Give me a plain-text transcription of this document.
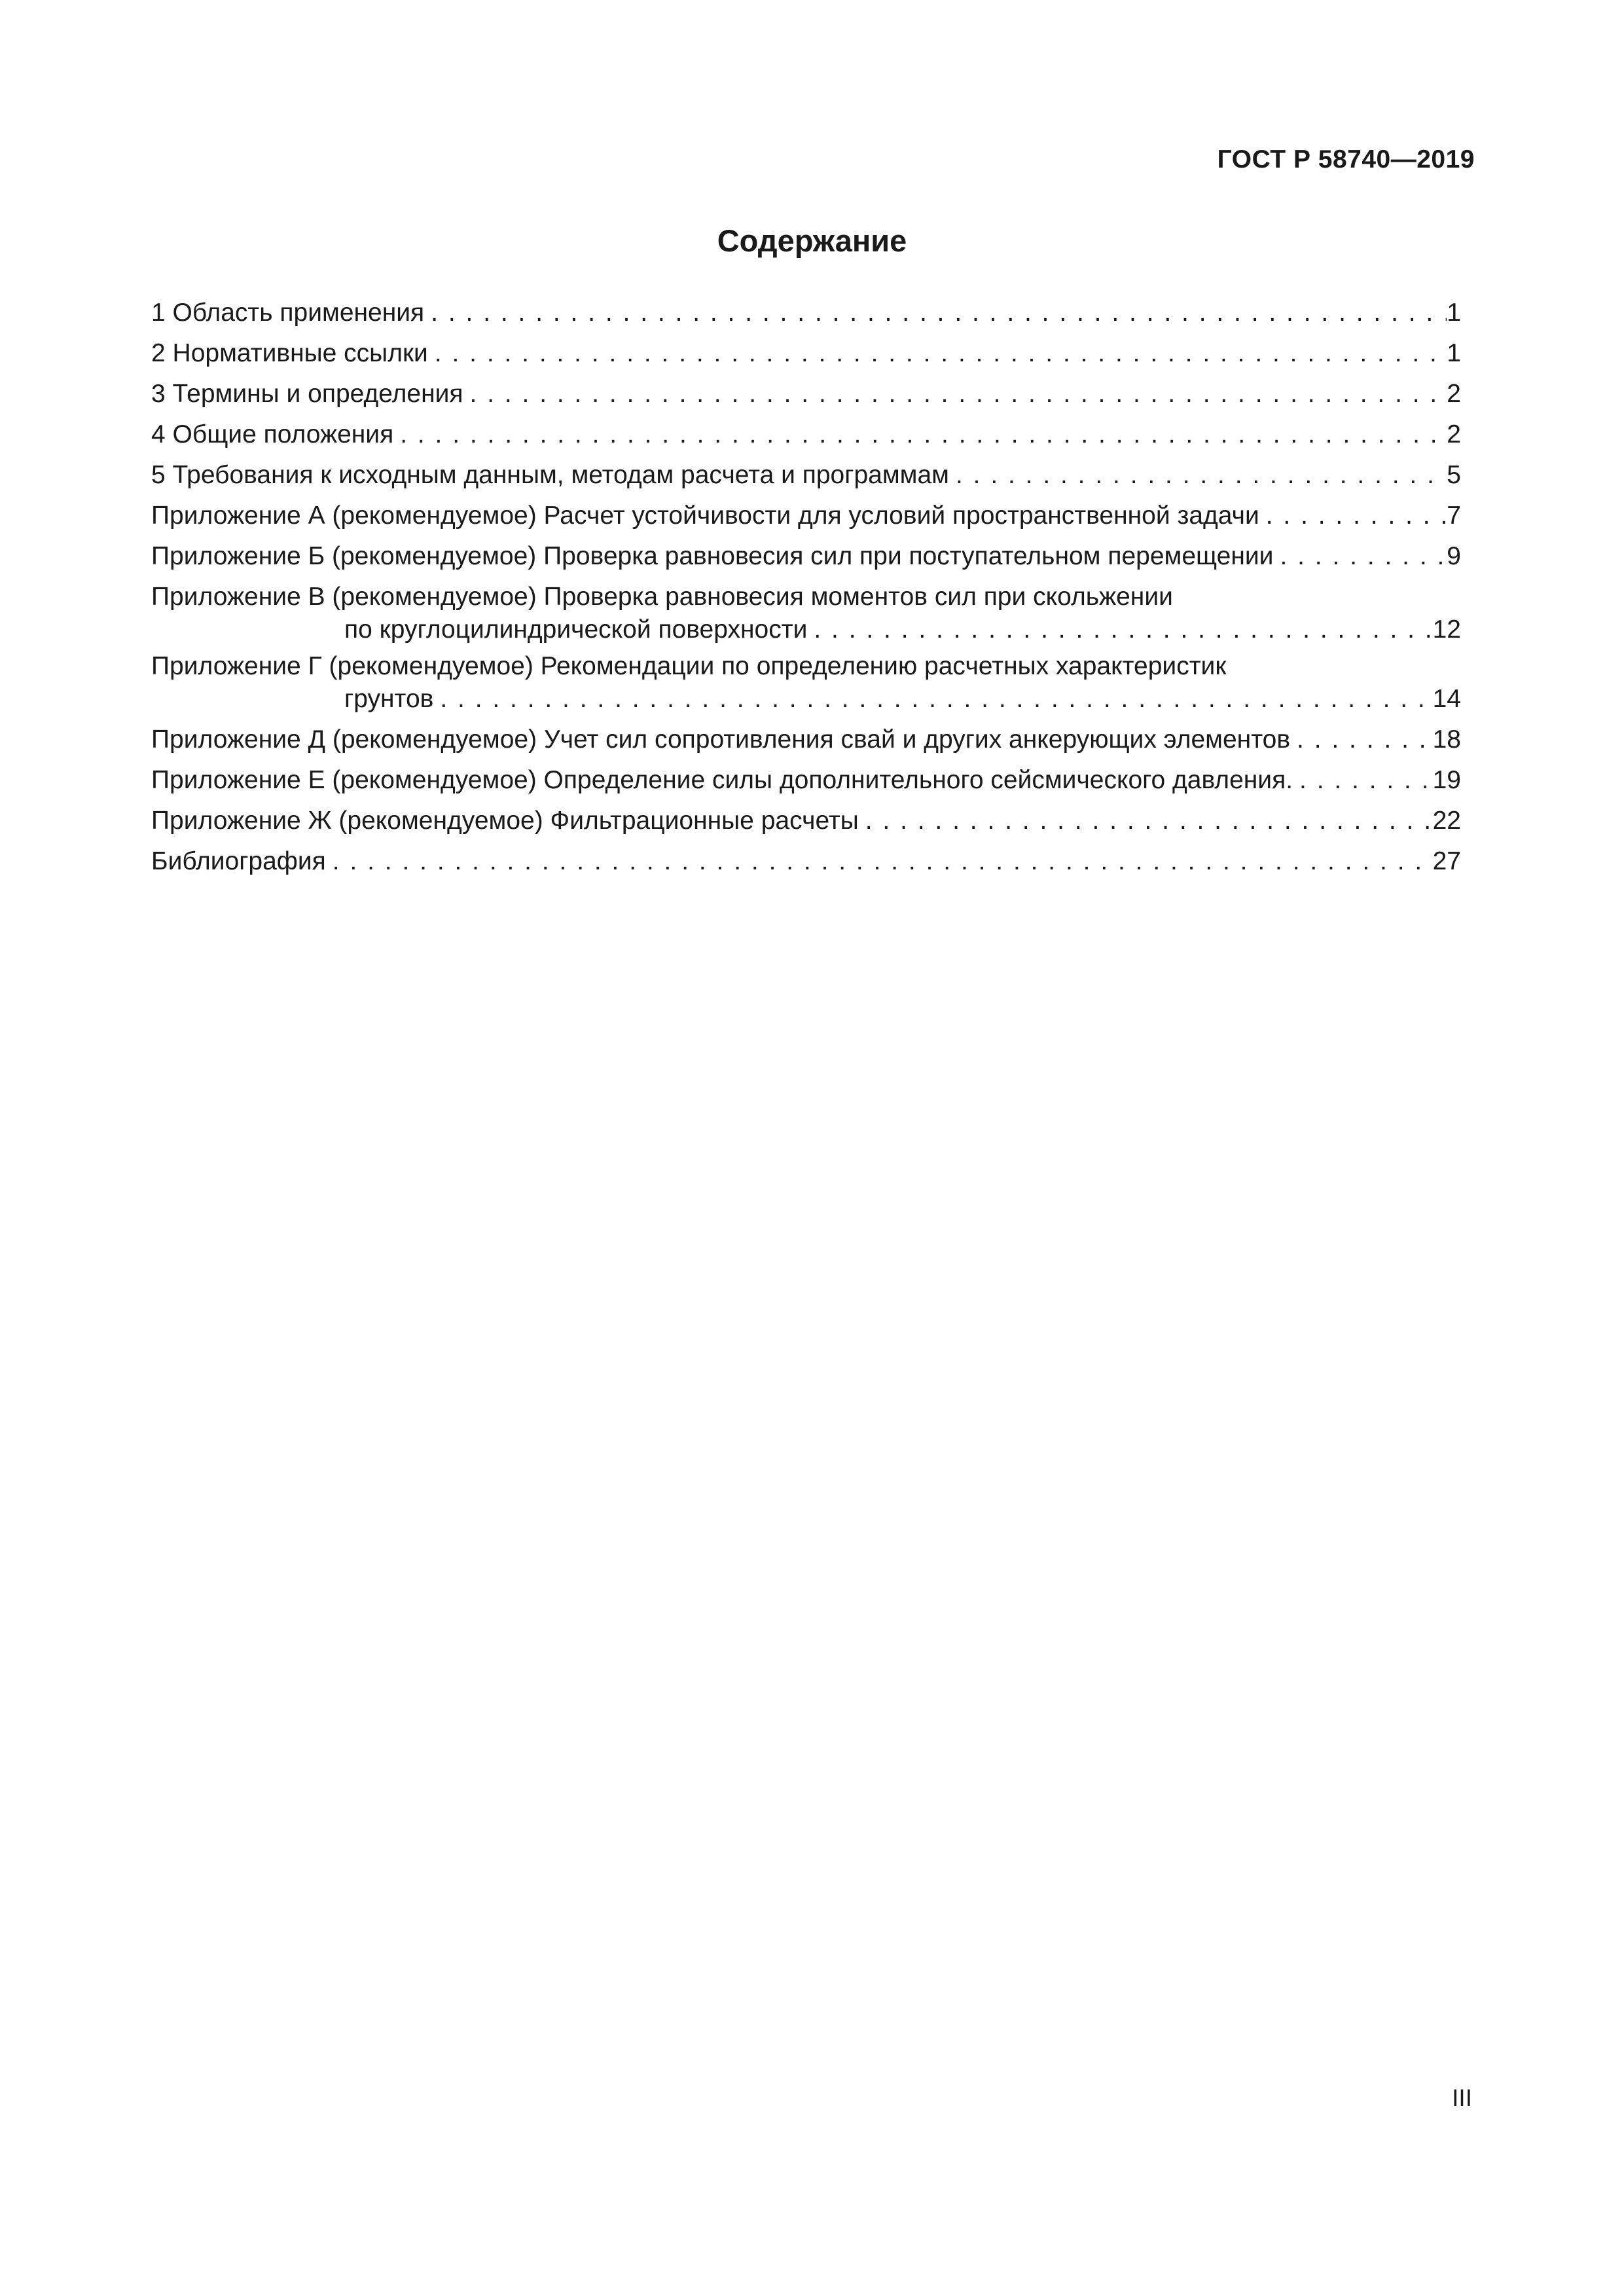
ГОСТ Р 58740—2019
Содержание
1 Область применения . . .	1
2 Нормативные ссылки . . .	1
3 Термины и определения . . .	2
4 Общие положения . . .	2
5 Требования к исходным данным, методам расчета и программам . . .	5
Приложение А (рекомендуемое) Расчет устойчивости для условий пространственной задачи . . .	7
Приложение Б (рекомендуемое) Проверка равновесия сил при поступательном перемещении . . .	9
Приложение В (рекомендуемое) Проверка равновесия моментов сил при скольжении
по круглоцилиндрической поверхности . . .	12
Приложение Г (рекомендуемое) Рекомендации по определению расчетных характеристик
грунтов . . .	14
Приложение Д (рекомендуемое) Учет сил сопротивления свай и других анкерующих элементов . . .	18
Приложение Е (рекомендуемое) Определение силы дополнительного сейсмического давления. . . .	19
Приложение Ж (рекомендуемое) Фильтрационные расчеты . . .	22
Библиография . . .	27
III
